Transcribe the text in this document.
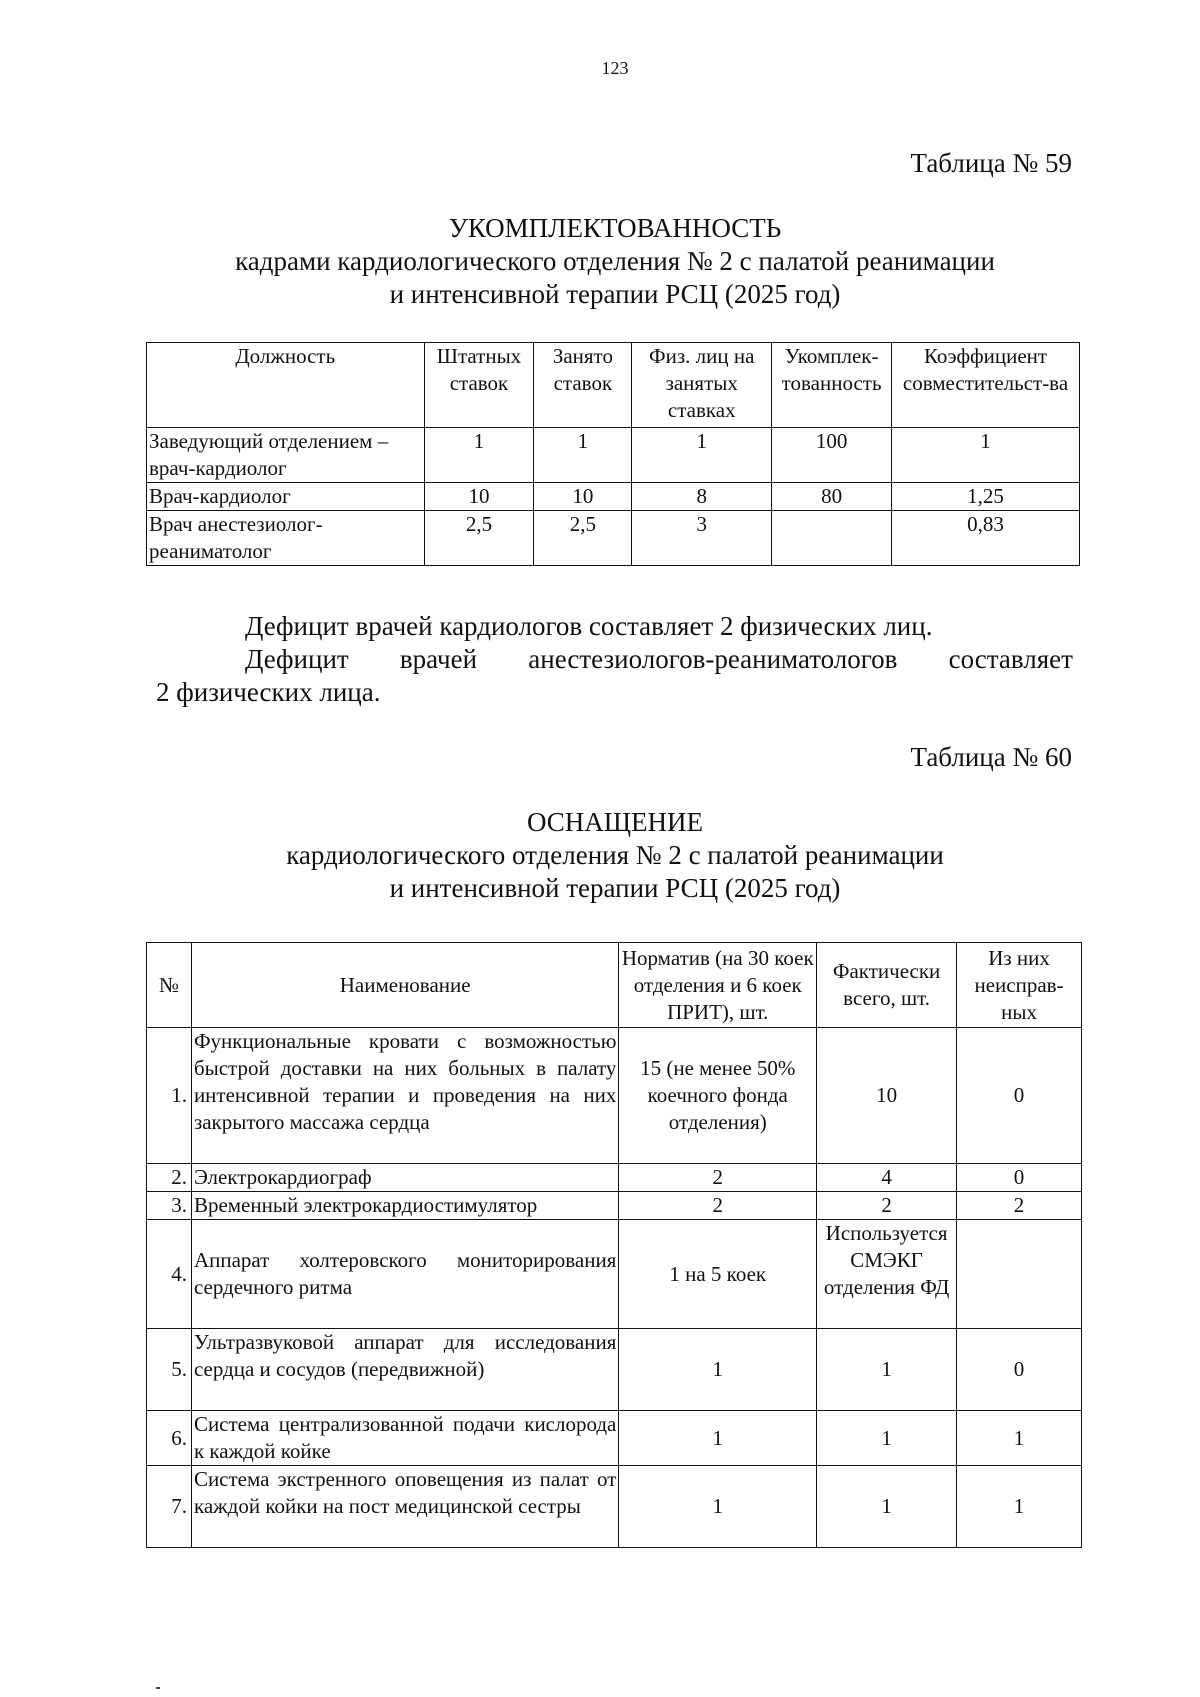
123
Таблица № 59
УКОМПЛЕКТОВАННОСТЬ
кадрами кардиологического отделения № 2 с палатой реанимации
и интенсивной терапии РСЦ (2025 год)
Должность	Штатных ставок	Занято ставок	Физ. лиц на занятых ставках	Укомплек-тованность	Коэффициент совместительст-ва
Заведующий отделением – врач-кардиолог	1	1	1	100	1
Врач-кардиолог	10	10	8	80	1,25
Врач анестезиолог-реаниматолог	2,5	2,5	3		0,83
Дефицит врачей кардиологов составляет 2 физических лиц.
Дефицит врачей анестезиологов-реаниматологов составляет
2 физических лица.
Таблица № 60
ОСНАЩЕНИЕ
кардиологического отделения № 2 с палатой реанимации
и интенсивной терапии РСЦ (2025 год)
№	Наименование	Норматив (на 30 коек отделения и 6 коек ПРИТ), шт.	Фактически всего, шт.	Из них неисправ-ных
1.	Функциональные кровати с возможностью быстрой доставки на них больных в палату интенсивной терапии и проведения на них закрытого массажа сердца	15 (не менее 50% коечного фонда отделения)	10	0
2.	Электрокардиограф	2	4	0
3.	Временный электрокардиостимулятор	2	2	2
4.	Аппарат холтеровского мониторирования сердечного ритма	1 на 5 коек	Используется СМЭКГ отделения ФД	
5.	Ультразвуковой аппарат для исследования сердца и сосудов (передвижной)	1	1	0
6.	Система централизованной подачи кислорода к каждой койке	1	1	1
7.	Система экстренного оповещения из палат от каждой койки на пост медицинской сестры	1	1	1
